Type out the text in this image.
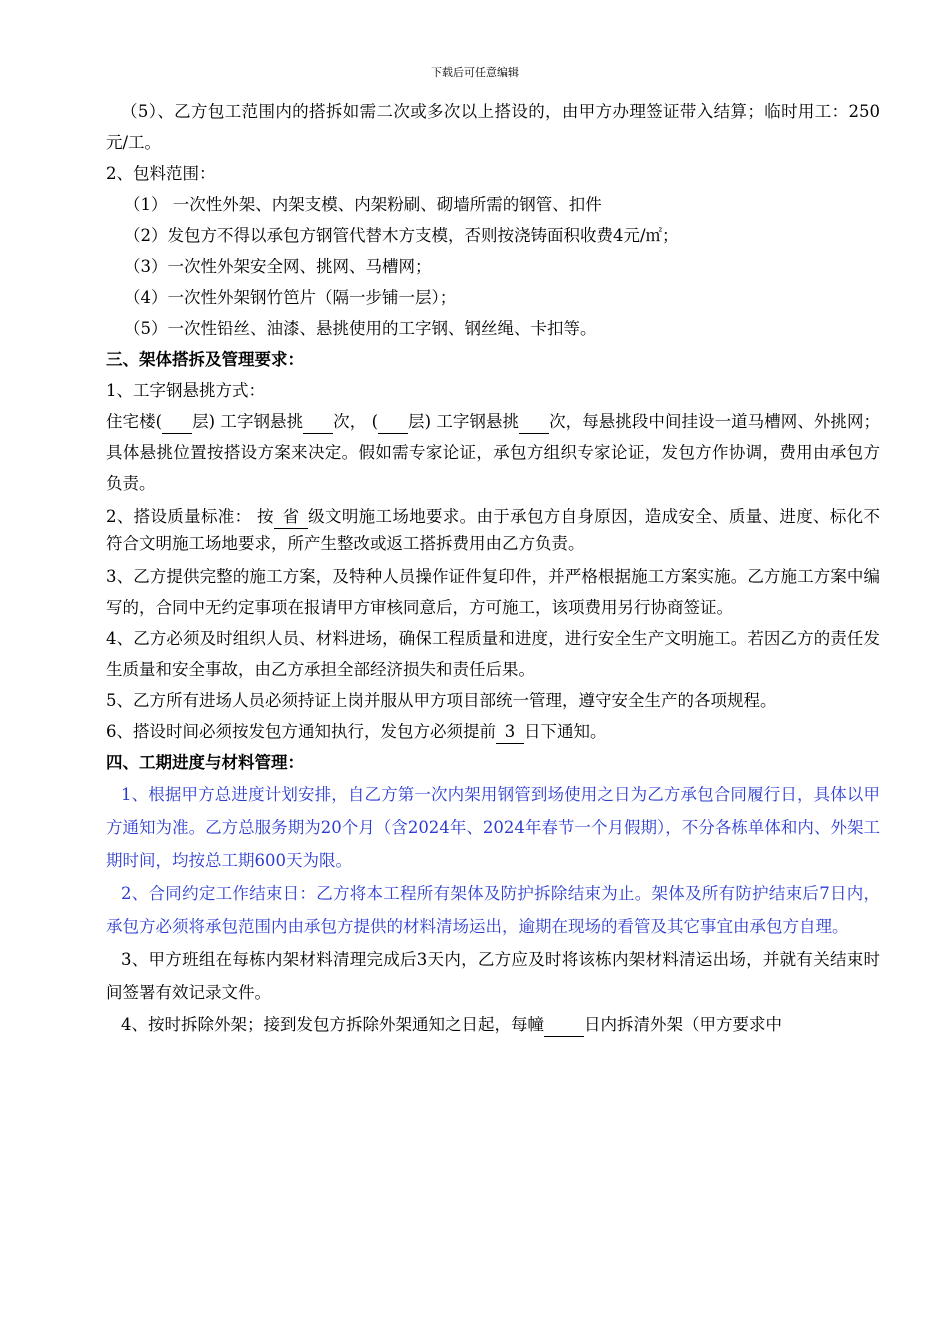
下载后可任意编辑

（5）、乙方包工范围内的搭拆如需二次或多次以上搭设的，由甲方办理签证带入结算；临时用工：250元/工。

2、包料范围：

（1） 一次性外架、内架支模、内架粉刷、砌墙所需的钢管、扣件

（2）发包方不得以承包方钢管代替木方支模，否则按浇铸面积收费4元/㎡；

（3）一次性外架安全网、挑网、马槽网；

（4）一次性外架钢竹笆片（隔一步铺一层）；

（5）一次性铅丝、油漆、悬挑使用的工字钢、钢丝绳、卡扣等。

三、架体搭拆及管理要求：

1、工字钢悬挑方式：

住宅楼( 层) 工字钢悬挑 次， ( 层) 工字钢悬挑 次，每悬挑段中间挂设一道马槽网、外挑网；具体悬挑位置按搭设方案来决定。假如需专家论证，承包方组织专家论证，发包方作协调，费用由承包方负责。

2、搭设质量标准： 按 省 级文明施工场地要求。由于承包方自身原因，造成安全、质量、进度、标化不符合文明施工场地要求，所产生整改或返工搭拆费用由乙方负责。

3、乙方提供完整的施工方案，及特种人员操作证件复印件，并严格根据施工方案实施。乙方施工方案中编写的，合同中无约定事项在报请甲方审核同意后，方可施工，该项费用另行协商签证。

4、乙方必须及时组织人员、材料进场，确保工程质量和进度，进行安全生产文明施工。若因乙方的责任发生质量和安全事故，由乙方承担全部经济损失和责任后果。

5、乙方所有进场人员必须持证上岗并服从甲方项目部统一管理，遵守安全生产的各项规程。

6、搭设时间必须按发包方通知执行，发包方必须提前 3 日下通知。

四、工期进度与材料管理：

1、根据甲方总进度计划安排，自乙方第一次内架用钢管到场使用之日为乙方承包合同履行日，具体以甲方通知为准。乙方总服务期为20个月（含2024年、2024年春节一个月假期），不分各栋单体和内、外架工期时间，均按总工期600天为限。

2、合同约定工作结束日：乙方将本工程所有架体及防护拆除结束为止。架体及所有防护结束后7日内，承包方必须将承包范围内由承包方提供的材料清场运出，逾期在现场的看管及其它事宜由承包方自理。

3、甲方班组在每栋内架材料清理完成后3天内，乙方应及时将该栋内架材料清运出场，并就有关结束时间签署有效记录文件。

4、按时拆除外架；接到发包方拆除外架通知之日起，每幢 日内拆清外架（甲方要求中
